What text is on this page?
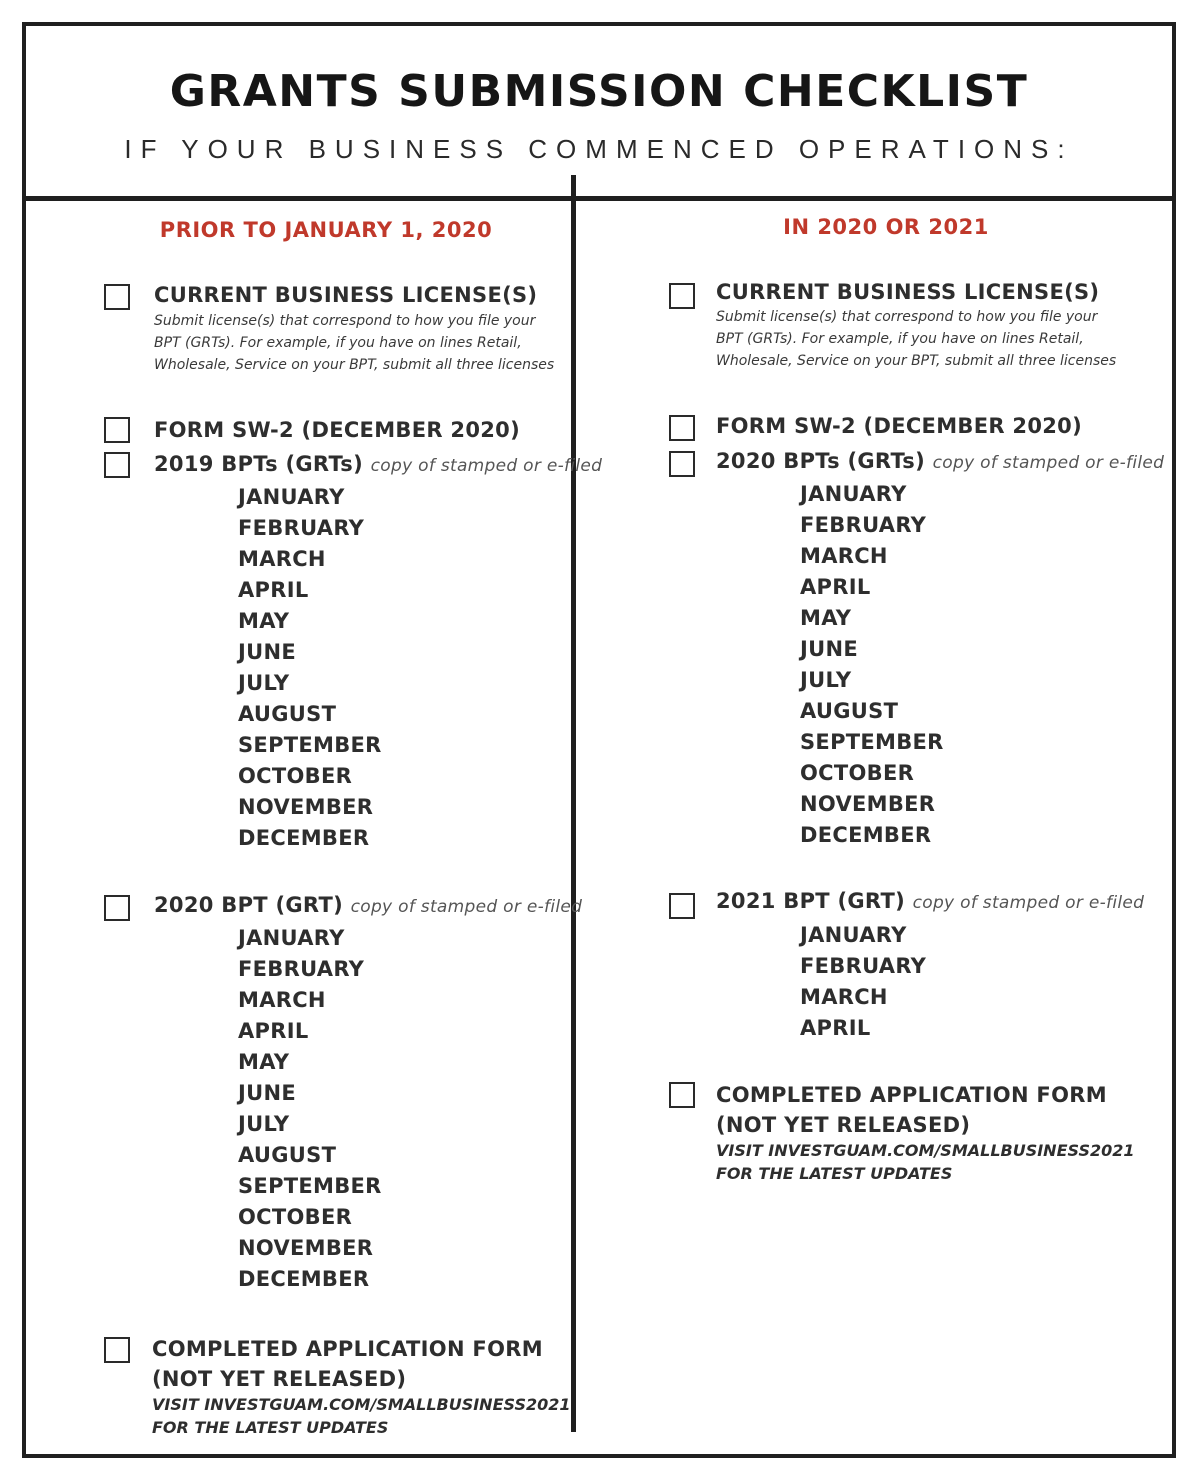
GRANTS SUBMISSION CHECKLIST
IF YOUR BUSINESS COMMENCED OPERATIONS:
PRIOR TO JANUARY 1, 2020
CURRENT BUSINESS LICENSE(S)
Submit license(s) that correspond to how you file your
BPT (GRTs). For example, if you have on lines Retail,
Wholesale, Service on your BPT, submit all three licenses
FORM SW-2 (DECEMBER 2020)
2019 BPTs (GRTs) copy of stamped or e-filed
JANUARY
FEBRUARY
MARCH
APRIL
MAY
JUNE
JULY
AUGUST
SEPTEMBER
OCTOBER
NOVEMBER
DECEMBER
2020 BPT (GRT) copy of stamped or e-filed
JANUARY
FEBRUARY
MARCH
APRIL
MAY
JUNE
JULY
AUGUST
SEPTEMBER
OCTOBER
NOVEMBER
DECEMBER
COMPLETED APPLICATION FORM
(NOT YET RELEASED)
VISIT INVESTGUAM.COM/SMALLBUSINESS2021
FOR THE LATEST UPDATES
IN 2020 OR 2021
CURRENT BUSINESS LICENSE(S)
Submit license(s) that correspond to how you file your
BPT (GRTs). For example, if you have on lines Retail,
Wholesale, Service on your BPT, submit all three licenses
FORM SW-2 (DECEMBER 2020)
2020 BPTs (GRTs) copy of stamped or e-filed
JANUARY
FEBRUARY
MARCH
APRIL
MAY
JUNE
JULY
AUGUST
SEPTEMBER
OCTOBER
NOVEMBER
DECEMBER
2021 BPT (GRT) copy of stamped or e-filed
JANUARY
FEBRUARY
MARCH
APRIL
COMPLETED APPLICATION FORM
(NOT YET RELEASED)
VISIT INVESTGUAM.COM/SMALLBUSINESS2021
FOR THE LATEST UPDATES
